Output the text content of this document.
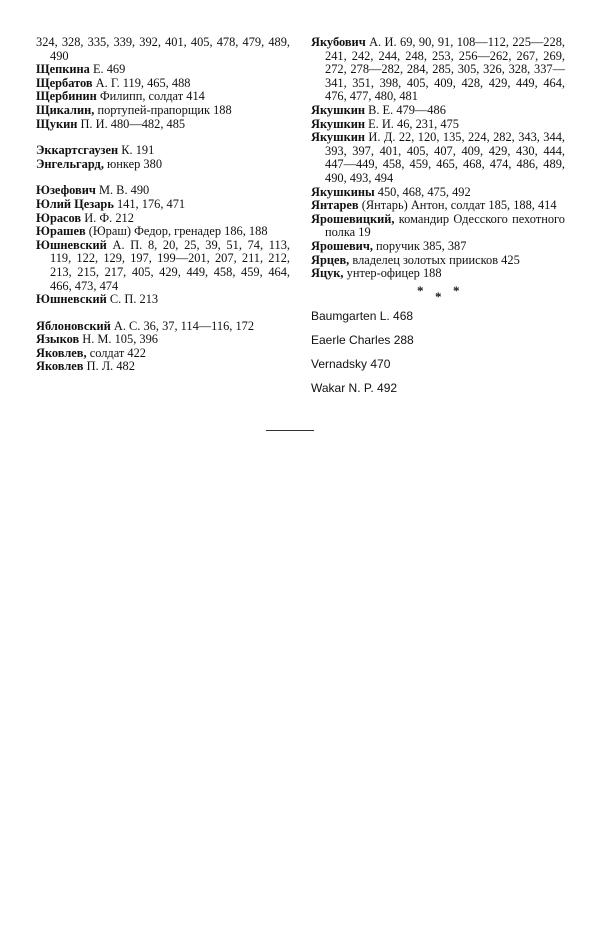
324, 328, 335, 339, 392, 401, 405, 478, 479, 489, 490

Щепкина Е. 469

Щербатов А. Г. 119, 465, 488

Щербинин Филипп, солдат 414

Щикалин, портупей-прапорщик 188

Щукин П. И. 480—482, 485

Эккартсгаузен К. 191

Энгельгард, юнкер 380

Юзефович М. В. 490

Юлий Цезарь 141, 176, 471

Юрасов И. Ф. 212

Юрашев (Юраш) Федор, гренадер 186, 188

Юшневский А. П. 8, 20, 25, 39, 51, 74, 113, 119, 122, 129, 197, 199—201, 207, 211, 212, 213, 215, 217, 405, 429, 449, 458, 459, 464, 466, 473, 474

Юшневский С. П. 213

Яблоновский А. С. 36, 37, 114—116, 172

Языков Н. М. 105, 396

Яковлев, солдат 422

Яковлев П. Л. 482

Якубович А. И. 69, 90, 91, 108—112, 225—228, 241, 242, 244, 248, 253, 256—262, 267, 269, 272, 278—282, 284, 285, 305, 326, 328, 337—341, 351, 398, 405, 409, 428, 429, 449, 464, 476, 477, 480, 481

Якушкин В. Е. 479—486

Якушкин Е. И. 46, 231, 475

Якушкин И. Д. 22, 120, 135, 224, 282, 343, 344, 393, 397, 401, 405, 407, 409, 429, 430, 444, 447—449, 458, 459, 465, 468, 474, 486, 489, 490, 493, 494

Якушкины 450, 468, 475, 492

Янтарев (Янтарь) Антон, солдат 185, 188, 414

Ярошевицкий, командир Одесского пехотного полка 19

Ярошевич, поручик 385, 387

Ярцев, владелец золотых приисков 425

Яцук, унтер-офицер 188

* * *

Baumgarten L. 468

Eaerle Charles 288

Vernadsky 470

Wakar N. P. 492
